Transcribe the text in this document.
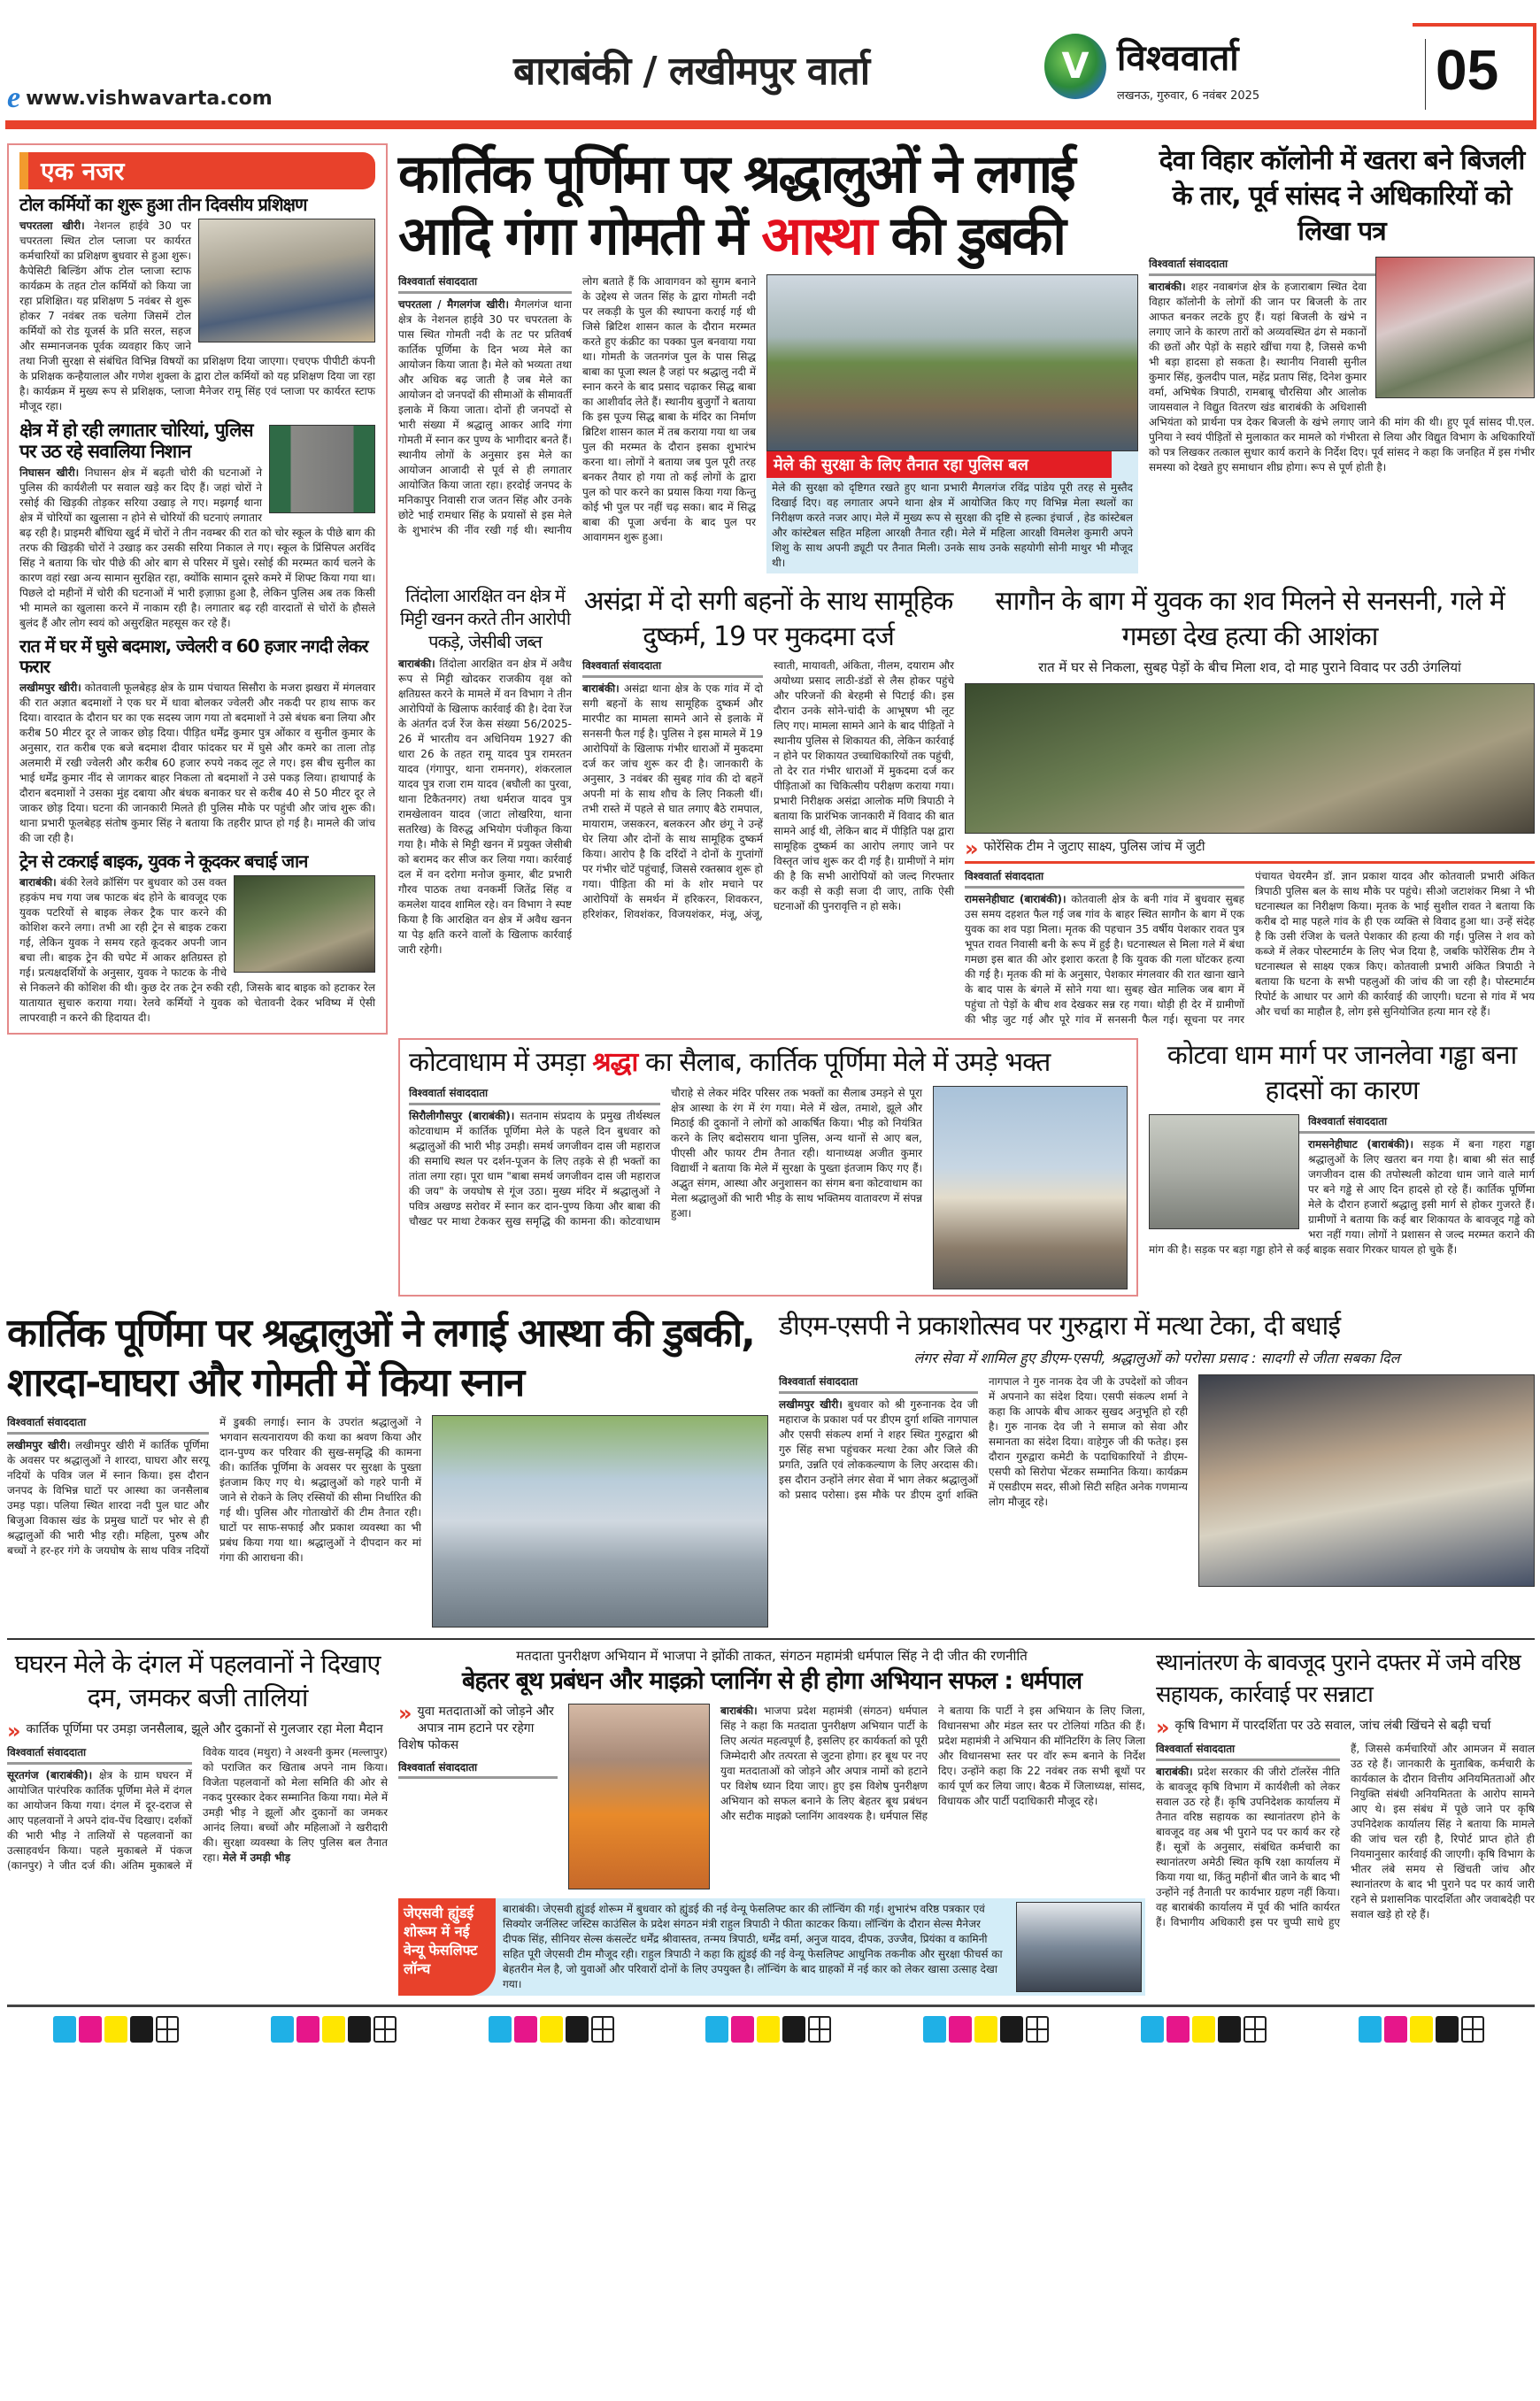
e www.vishwavarta.com
बाराबंकी / लखीमपुर वार्ता	V विश्ववार्ता
लखनऊ, गुरुवार, 6 नवंबर 2025	05
एक नजर
टोल कर्मियों का शुरू हुआ तीन दिवसीय प्रशिक्षण
चपरतला खीरी। नेशनल हाईवे 30 पर चपरतला स्थित टोल प्लाजा पर कार्यरत कर्मचारियों का प्रशिक्षण बुधवार से हुआ शुरू। कैपेसिटी बिल्डिंग ऑफ टोल प्लाजा स्टाफ कार्यक्रम के तहत टोल कर्मियों को किया जा रहा प्रशिक्षित। यह प्रशिक्षण 5 नवंबर से शुरू होकर 7 नवंबर तक चलेगा जिसमें टोल कर्मियों को रोड यूजर्स के प्रति सरल, सहज और सम्मानजनक पूर्वक व्यवहार किए जाने तथा निजी सुरक्षा से संबंधित विभिन्न विषयों का प्रशिक्षण दिया जाएगा। एचएफ पीपीटी कंपनी के प्रशिक्षक कन्हैयालाल और गणेश शुक्ला के द्वारा टोल कर्मियों को यह प्रशिक्षण दिया जा रहा है। कार्यक्रम में मुख्य रूप से प्रशिक्षक, प्लाजा मैनेजर रामू सिंह एवं प्लाजा पर कार्यरत स्टाफ मौजूद रहा।
क्षेत्र में हो रही लगातार चोरियां, पुलिस पर उठ रहे सवालिया निशान
निघासन खीरी। निघासन क्षेत्र में बढ़ती चोरी की घटनाओं ने पुलिस की कार्यशैली पर सवाल खड़े कर दिए हैं। जहां चोरों ने रसोई की खिड़की तोड़कर सरिया उखाड़ ले गए। मझगईं थाना क्षेत्र में चोरियों का खुलासा न होने से चोरियों की घटनाएं लगातार बढ़ रही है। प्राइमरी बौंधिया खुर्द में चोरों ने तीन नवम्बर की रात को चोर स्कूल के पीछे बाग की तरफ की खिड़की चोरों ने उखाड़ कर उसकी सरिया निकाल ले गए। स्कूल के प्रिंसिपल अरविंद सिंह ने बताया कि चोर पीछे की ओर बाग से परिसर में घुसे। रसोई की मरम्मत कार्य चलने के कारण वहां रखा अन्य सामान सुरक्षित रहा, क्योंकि सामान दूसरे कमरे में शिफ्ट किया गया था। पिछले दो महीनों में चोरी की घटनाओं में भारी इज़ाफ़ा हुआ है, लेकिन पुलिस अब तक किसी भी मामले का खुलासा करने में नाकाम रही है। लगातार बढ़ रही वारदातों से चोरों के हौसले बुलंद हैं और लोग स्वयं को असुरक्षित महसूस कर रहे हैं।
रात में घर में घुसे बदमाश, ज्वेलरी व 60 हजार नगदी लेकर फरार
लखीमपुर खीरी। कोतवाली फूलबेहड़ क्षेत्र के ग्राम पंचायत सिसौरा के मजरा झखरा में मंगलवार की रात अज्ञात बदमाशों ने एक घर में धावा बोलकर ज्वेलरी और नकदी पर हाथ साफ कर दिया। वारदात के दौरान घर का एक सदस्य जाग गया तो बदमाशों ने उसे बंधक बना लिया और करीब 50 मीटर दूर ले जाकर छोड़ दिया। पीड़ित धर्मेंद्र कुमार पुत्र ओंकार व सुनील कुमार के अनुसार, रात करीब एक बजे बदमाश दीवार फांदकर घर में घुसे और कमरे का ताला तोड़ अलमारी में रखी ज्वेलरी और करीब 60 हजार रुपये नकद लूट ले गए। इस बीच सुनील का भाई धर्मेंद्र कुमार नींद से जागकर बाहर निकला तो बदमाशों ने उसे पकड़ लिया। हाथापाई के दौरान बदमाशों ने उसका मुंह दबाया और बंधक बनाकर घर से करीब 40 से 50 मीटर दूर ले जाकर छोड़ दिया। घटना की जानकारी मिलते ही पुलिस मौके पर पहुंची और जांच शुरू की। थाना प्रभारी फूलबेहड़ संतोष कुमार सिंह ने बताया कि तहरीर प्राप्त हो गई है। मामले की जांच की जा रही है।
ट्रेन से टकराई बाइक, युवक ने कूदकर बचाई जान
बाराबंकी। बंकी रेलवे क्रॉसिंग पर बुधवार को उस वक्त हड़कंप मच गया जब फाटक बंद होने के बावजूद एक युवक पटरियों से बाइक लेकर ट्रैक पार करने की कोशिश करने लगा। तभी आ रही ट्रेन से बाइक टकरा गई, लेकिन युवक ने समय रहते कूदकर अपनी जान बचा ली। बाइक ट्रेन की चपेट में आकर क्षतिग्रस्त हो गई। प्रत्यक्षदर्शियों के अनुसार, युवक ने फाटक के नीचे से निकलने की कोशिश की थी। कुछ देर तक ट्रेन रुकी रही, जिसके बाद बाइक को हटाकर रेल यातायात सुचारु कराया गया। रेलवे कर्मियों ने युवक को चेतावनी देकर भविष्य में ऐसी लापरवाही न करने की हिदायत दी।
कार्तिक पूर्णिमा पर श्रद्धालुओं ने लगाई आदि गंगा गोमती में आस्था की डुबकी
विश्ववार्ता संवाददाता
चपरतला / मैगलगंज खीरी। मैगलगंज थाना क्षेत्र के नेशनल हाईवे 30 पर चपरतला के पास स्थित गोमती नदी के तट पर प्रतिवर्ष कार्तिक पूर्णिमा के दिन भव्य मेले का आयोजन किया जाता है। मेले को भव्यता तथा और अधिक बढ़ जाती है जब मेले का आयोजन दो जनपदों की सीमाओं के सीमावर्ती इलाके में किया जाता। दोनों ही जनपदों से भारी संख्या में श्रद्धालु आकर आदि गंगा गोमती में स्नान कर पुण्य के भागीदार बनते हैं। स्थानीय लोगों के अनुसार इस मेले का आयोजन आजादी से पूर्व से ही लगातार आयोजित किया जाता रहा। हरदोई जनपद के मनिकापुर निवासी राज जतन सिंह और उनके छोटे भाई रामधार सिंह के प्रयासों से इस मेले के शुभारंभ की नींव रखी गई थी। स्थानीय लोग बताते हैं कि आवागवन को सुगम बनाने के उद्देश्य से जतन सिंह के द्वारा गोमती नदी पर लकड़ी के पुल की स्थापना कराई गई थी जिसे ब्रिटिश शासन काल के दौरान मरम्मत करते हुए कंक्रीट का पक्का पुल बनवाया गया था। गोमती के जतनगंज पुल के पास सिद्ध बाबा का पूजा स्थल है जहां पर श्रद्धालु नदी में स्नान करने के बाद प्रसाद चढ़ाकर सिद्ध बाबा का आशीर्वाद लेते हैं। स्थानीय बुजुर्गों ने बताया कि इस पूज्य सिद्ध बाबा के मंदिर का निर्माण ब्रिटिश शासन काल में तब कराया गया था जब पुल की मरम्मत के दौरान इसका शुभारंभ करना था। लोगों ने बताया जब पुल पूरी तरह बनकर तैयार हो गया तो कई लोगों के द्वारा पुल को पार करने का प्रयास किया गया किन्तु कोई भी पुल पर नहीं चढ़ सका। बाद में सिद्ध बाबा की पूजा अर्चना के बाद पुल पर आवागमन शुरू हुआ।
मेले की सुरक्षा के लिए तैनात रहा पुलिस बल
मेले की सुरक्षा को दृष्टिगत रखते हुए थाना प्रभारी मैगलगंज रविंद्र पांडेय पूरी तरह से मुस्तैद दिखाई दिए। वह लगातार अपने थाना क्षेत्र में आयोजित किए गए विभिन्न मेला स्थलों का निरीक्षण करते नजर आए। मेले में मुख्य रूप से सुरक्षा की दृष्टि से हल्का इंचार्ज , हेड कांस्टेबल और कांस्टेबल सहित महिला आरक्षी तैनात रही। मेले में महिला आरक्षी विमलेश कुमारी अपने शिशु के साथ अपनी ड्यूटी पर तैनात मिली। उनके साथ उनके सहयोगी सोनी माथुर भी मौजूद थी।
देवा विहार कॉलोनी में खतरा बने बिजली के तार, पूर्व सांसद ने अधिकारियों को लिखा पत्र
विश्ववार्ता संवाददाता
बाराबंकी। शहर नवाबगंज क्षेत्र के हजाराबाग स्थित देवा विहार कॉलोनी के लोगों की जान पर बिजली के तार आफत बनकर लटके हुए हैं। यहां बिजली के खंभे न लगाए जाने के कारण तारों को अव्यवस्थित ढंग से मकानों की छतों और पेड़ों के सहारे खींचा गया है, जिससे कभी भी बड़ा हादसा हो सकता है। स्थानीय निवासी सुनील कुमार सिंह, कुलदीप पाल, महेंद्र प्रताप सिंह, दिनेश कुमार वर्मा, अभिषेक त्रिपाठी, रामबाबू चौरसिया और आलोक जायसवाल ने विद्युत वितरण खंड बाराबंकी के अधिशासी अभियंता को प्रार्थना पत्र देकर बिजली के खंभे लगाए जाने की मांग की थी। हुए पूर्व सांसद पी.एल. पुनिया ने स्वयं पीड़ितों से मुलाकात कर मामले को गंभीरता से लिया और विद्युत विभाग के अधिकारियों को पत्र लिखकर तत्काल सुधार कार्य कराने के निर्देश दिए। पूर्व सांसद ने कहा कि जनहित में इस गंभीर समस्या को देखते हुए समाधान शीघ्र होगा। रूप से पूर्ण होती है।
तिंदोला आरक्षित वन क्षेत्र में मिट्टी खनन करते तीन आरोपी पकड़े, जेसीबी जब्त
बाराबंकी। तिंदोला आरक्षित वन क्षेत्र में अवैध रूप से मिट्टी खोदकर राजकीय वृक्ष को क्षतिग्रस्त करने के मामले में वन विभाग ने तीन आरोपियों के खिलाफ कार्रवाई की है। देवा रेंज के अंतर्गत दर्ज रेंज केस संख्या 56/2025-26 में भारतीय वन अधिनियम 1927 की धारा 26 के तहत रामू यादव पुत्र रामरतन यादव (गंगापुर, थाना रामनगर), शंकरलाल यादव पुत्र राजा राम यादव (बघौली का पुरवा, थाना टिकैतनगर) तथा धर्मराज यादव पुत्र रामखेलावन यादव (जाटा लोखरिया, थाना सतरिख) के विरुद्ध अभियोग पंजीकृत किया गया है। मौके से मिट्टी खनन में प्रयुक्त जेसीबी को बरामद कर सीज कर लिया गया। कार्रवाई दल में वन दरोगा मनोज कुमार, बीट प्रभारी गौरव पाठक तथा वनकर्मी जितेंद्र सिंह व कमलेश यादव शामिल रहे। वन विभाग ने स्पष्ट किया है कि आरक्षित वन क्षेत्र में अवैध खनन या पेड़ क्षति करने वालों के खिलाफ कार्रवाई जारी रहेगी।
असंद्रा में दो सगी बहनों के साथ सामूहिक दुष्कर्म, 19 पर मुकदमा दर्ज
विश्ववार्ता संवाददाता
बाराबंकी। असंद्रा थाना क्षेत्र के एक गांव में दो सगी बहनों के साथ सामूहिक दुष्कर्म और मारपीट का मामला सामने आने से इलाके में सनसनी फैल गई है। पुलिस ने इस मामले में 19 आरोपियों के खिलाफ गंभीर धाराओं में मुकदमा दर्ज कर जांच शुरू कर दी है। जानकारी के अनुसार, 3 नवंबर की सुबह गांव की दो बहनें अपनी मां के साथ शौच के लिए निकली थीं। तभी रास्ते में पहले से घात लगाए बैठे रामपाल, मायाराम, जसकरन, बलकरन और छंगू ने उन्हें घेर लिया और दोनों के साथ सामूहिक दुष्कर्म किया। आरोप है कि दरिंदों ने दोनों के गुप्तांगों पर गंभीर चोटें पहुंचाईं, जिससे रक्तस्राव शुरू हो गया। पीड़िता की मां के शोर मचाने पर आरोपियों के समर्थन में हरिकरन, शिवकरन, हरिशंकर, शिवशंकर, विजयशंकर, मंजू, अंजू, स्वाती, मायावती, अंकिता, नीलम, दयाराम और अयोध्या प्रसाद लाठी-डंडों से लैस होकर पहुंचे और परिजनों की बेरहमी से पिटाई की। इस दौरान उनके सोने-चांदी के आभूषण भी लूट लिए गए। मामला सामने आने के बाद पीड़ितों ने स्थानीय पुलिस से शिकायत की, लेकिन कार्रवाई न होने पर शिकायत उच्चाधिकारियों तक पहुंची, तो देर रात गंभीर धाराओं में मुकदमा दर्ज कर पीड़िताओं का चिकित्सीय परीक्षण कराया गया। प्रभारी निरीक्षक असंद्रा आलोक मणि त्रिपाठी ने बताया कि प्रारंभिक जानकारी में विवाद की बात सामने आई थी, लेकिन बाद में पीड़िति पक्ष द्वारा सामूहिक दुष्कर्म का आरोप लगाए जाने पर विस्तृत जांच शुरू कर दी गई है। ग्रामीणों ने मांग की है कि सभी आरोपियों को जल्द गिरफ्तार कर कड़ी से कड़ी सजा दी जाए, ताकि ऐसी घटनाओं की पुनरावृत्ति न हो सके।
सागौन के बाग में युवक का शव मिलने से सनसनी, गले में गमछा देख हत्या की आशंका
रात में घर से निकला, सुबह पेड़ों के बीच मिला शव, दो माह पुराने विवाद पर उठी उंगलियां
» फोरेंसिक टीम ने जुटाए साक्ष्य, पुलिस जांच में जुटी
विश्ववार्ता संवाददाता
रामसनेहीघाट (बाराबंकी)। कोतवाली क्षेत्र के बनी गांव में बुधवार सुबह उस समय दहशत फैल गई जब गांव के बाहर स्थित सागौन के बाग में एक युवक का शव पड़ा मिला। मृतक की पहचान 35 वर्षीय पेशकार रावत पुत्र भूपत रावत निवासी बनी के रूप में हुई है। घटनास्थल से मिला गले में बंधा गमछा इस बात की ओर इशारा करता है कि युवक की गला घोंटकर हत्या की गई है। मृतक की मां के अनुसार, पेशकार मंगलवार की रात खाना खाने के बाद पास के बंगले में सोने गया था। सुबह खेत मालिक जब बाग में पहुंचा तो पेड़ों के बीच शव देखकर सन्न रह गया। थोड़ी ही देर में ग्रामीणों की भीड़ जुट गई और पूरे गांव में सनसनी फैल गई। सूचना पर नगर पंचायत चेयरमैन डॉ. ज्ञान प्रकाश यादव और कोतवाली प्रभारी अंकित त्रिपाठी पुलिस बल के साथ मौके पर पहुंचे। सीओ जटाशंकर मिश्रा ने भी घटनास्थल का निरीक्षण किया। मृतक के भाई सुशील रावत ने बताया कि करीब दो माह पहले गांव के ही एक व्यक्ति से विवाद हुआ था। उन्हें संदेह है कि उसी रंजिश के चलते पेशकार की हत्या की गई। पुलिस ने शव को कब्जे में लेकर पोस्टमार्टम के लिए भेज दिया है, जबकि फोरेंसिक टीम ने घटनास्थल से साक्ष्य एकत्र किए। कोतवाली प्रभारी अंकित त्रिपाठी ने बताया कि घटना के सभी पहलुओं की जांच की जा रही है। पोस्टमार्टम रिपोर्ट के आधार पर आगे की कार्रवाई की जाएगी। घटना से गांव में भय और चर्चा का माहौल है, लोग इसे सुनियोजित हत्या मान रहे हैं।
कोटवाधाम में उमड़ा श्रद्धा का सैलाब, कार्तिक पूर्णिमा मेले में उमड़े भक्त
विश्ववार्ता संवाददाता
सिरौलीगौसपुर (बाराबंकी)। सतनाम संप्रदाय के प्रमुख तीर्थस्थल कोटवाधाम में कार्तिक पूर्णिमा मेले के पहले दिन बुधवार को श्रद्धालुओं की भारी भीड़ उमड़ी। समर्थ जगजीवन दास जी महाराज की समाधि स्थल पर दर्शन-पूजन के लिए तड़के से ही भक्तों का तांता लगा रहा। पूरा धाम "बाबा समर्थ जगजीवन दास जी महाराज की जय" के जयघोष से गूंज उठा। मुख्य मंदिर में श्रद्धालुओं ने पवित्र अखण्ड सरोवर में स्नान कर दान-पुण्य किया और बाबा की चौखट पर माथा टेककर सुख समृद्धि की कामना की। कोटवाधाम चौराहे से लेकर मंदिर परिसर तक भक्तों का सैलाब उमड़ने से पूरा क्षेत्र आस्था के रंग में रंग गया। मेले में खेल, तमाशे, झूले और मिठाई की दुकानों ने लोगों को आकर्षित किया। भीड़ को नियंत्रित करने के लिए बदोसराय थाना पुलिस, अन्य थानों से आए बल, पीएसी और फायर टीम तैनात रही। थानाध्यक्ष अजीत कुमार विद्यार्थी ने बताया कि मेले में सुरक्षा के पुख्ता इंतजाम किए गए हैं। अद्भुत संगम, आस्था और अनुशासन का संगम बना कोटवाधाम का मेला श्रद्धालुओं की भारी भीड़ के साथ भक्तिमय वातावरण में संपन्न हुआ।
कोटवा धाम मार्ग पर जानलेवा गड्ढा बना हादसों का कारण
विश्ववार्ता संवाददाता
रामसनेहीघाट (बाराबंकी)। सड़क में बना गहरा गड्ढा श्रद्धालुओं के लिए खतरा बन गया है। बाबा श्री संत साईं जगजीवन दास की तपोस्थली कोटवा धाम जाने वाले मार्ग पर बने गड्ढे से आए दिन हादसे हो रहे हैं। कार्तिक पूर्णिमा मेले के दौरान हजारों श्रद्धालु इसी मार्ग से होकर गुजरते हैं। ग्रामीणों ने बताया कि कई बार शिकायत के बावजूद गड्ढे को भरा नहीं गया। लोगों ने प्रशासन से जल्द मरम्मत कराने की मांग की है। सड़क पर बड़ा गड्ढा होने से कई बाइक सवार गिरकर घायल हो चुके हैं।
कार्तिक पूर्णिमा पर श्रद्धालुओं ने लगाई आस्था की डुबकी, शारदा-घाघरा और गोमती में किया स्नान
विश्ववार्ता संवाददाता
लखीमपुर खीरी। लखीमपुर खीरी में कार्तिक पूर्णिमा के अवसर पर श्रद्धालुओं ने शारदा, घाघरा और सरयू नदियों के पवित्र जल में स्नान किया। इस दौरान जनपद के विभिन्न घाटों पर आस्था का जनसैलाब उमड़ पड़ा। पलिया स्थित शारदा नदी पुल घाट और बिजुआ विकास खंड के प्रमुख घाटों पर भोर से ही श्रद्धालुओं की भारी भीड़ रही। महिला, पुरुष और बच्चों ने हर-हर गंगे के जयघोष के साथ पवित्र नदियों में डुबकी लगाई। स्नान के उपरांत श्रद्धालुओं ने भगवान सत्यनारायण की कथा का श्रवण किया और दान-पुण्य कर परिवार की सुख-समृद्धि की कामना की। कार्तिक पूर्णिमा के अवसर पर सुरक्षा के पुख्ता इंतजाम किए गए थे। श्रद्धालुओं को गहरे पानी में जाने से रोकने के लिए रस्सियों की सीमा निर्धारित की गई थी। पुलिस और गोताखोरों की टीम तैनात रही। घाटों पर साफ-सफाई और प्रकाश व्यवस्था का भी प्रबंध किया गया था। श्रद्धालुओं ने दीपदान कर मां गंगा की आराधना की।
डीएम-एसपी ने प्रकाशोत्सव पर गुरुद्वारा में मत्था टेका, दी बधाई
लंगर सेवा में शामिल हुए डीएम-एसपी, श्रद्धालुओं को परोसा प्रसाद : सादगी से जीता सबका दिल
विश्ववार्ता संवाददाता
लखीमपुर खीरी। बुधवार को श्री गुरुनानक देव जी महाराज के प्रकाश पर्व पर डीएम दुर्गा शक्ति नागपाल और एसपी संकल्प शर्मा ने शहर स्थित गुरुद्वारा श्री गुरु सिंह सभा पहुंचकर मत्था टेका और जिले की प्रगति, उन्नति एवं लोककल्याण के लिए अरदास की। इस दौरान उन्होंने लंगर सेवा में भाग लेकर श्रद्धालुओं को प्रसाद परोसा। इस मौके पर डीएम दुर्गा शक्ति नागपाल ने गुरु नानक देव जी के उपदेशों को जीवन में अपनाने का संदेश दिया। एसपी संकल्प शर्मा ने कहा कि आपके बीच आकर सुखद अनुभूति हो रही है। गुरु नानक देव जी ने समाज को सेवा और समानता का संदेश दिया। वाहेगुरु जी की फतेह। इस दौरान गुरुद्वारा कमेटी के पदाधिकारियों ने डीएम-एसपी को सिरोपा भेंटकर सम्मानित किया। कार्यक्रम में एसडीएम सदर, सीओ सिटी सहित अनेक गणमान्य लोग मौजूद रहे।
घघरन मेले के दंगल में पहलवानों ने दिखाए दम, जमकर बजी तालियां
» कार्तिक पूर्णिमा पर उमड़ा जनसैलाब, झूले और दुकानों से गुलजार रहा मेला मैदान
विश्ववार्ता संवाददाता
सूरतगंज (बाराबंकी)। क्षेत्र के ग्राम घघरन में आयोजित पारंपरिक कार्तिक पूर्णिमा मेले में दंगल का आयोजन किया गया। दंगल में दूर-दराज से आए पहलवानों ने अपने दांव-पेंच दिखाए। दर्शकों की भारी भीड़ ने तालियों से पहलवानों का उत्साहवर्धन किया। पहले मुकाबले में पंकज (कानपुर) ने जीत दर्ज की। अंतिम मुकाबले में विवेक यादव (मथुरा) ने अश्वनी कुमर (मल्लापुर) को पराजित कर खिताब अपने नाम किया। विजेता पहलवानों को मेला समिति की ओर से नकद पुरस्कार देकर सम्मानित किया गया। मेले में उमड़ी भीड़ ने झूलों और दुकानों का जमकर आनंद लिया। बच्चों और महिलाओं ने खरीदारी की। सुरक्षा व्यवस्था के लिए पुलिस बल तैनात रहा। मेले में उमड़ी भीड़
मतदाता पुनरीक्षण अभियान में भाजपा ने झोंकी ताकत, संगठन महामंत्री धर्मपाल सिंह ने दी जीत की रणनीति
बेहतर बूथ प्रबंधन और माइक्रो प्लानिंग से ही होगा अभियान सफल : धर्मपाल
» युवा मतदाताओं को जोड़ने और अपात्र नाम हटाने पर रहेगा विशेष फोकस
विश्ववार्ता संवाददाता
बाराबंकी। भाजपा प्रदेश महामंत्री (संगठन) धर्मपाल सिंह ने कहा कि मतदाता पुनरीक्षण अभियान पार्टी के लिए अत्यंत महत्वपूर्ण है, इसलिए हर कार्यकर्ता को पूरी जिम्मेदारी और तत्परता से जुटना होगा। हर बूथ पर नए युवा मतदाताओं को जोड़ने और अपात्र नामों को हटाने पर विशेष ध्यान दिया जाए। हुए इस विशेष पुनरीक्षण अभियान को सफल बनाने के लिए बेहतर बूथ प्रबंधन और सटीक माइक्रो प्लानिंग आवश्यक है। धर्मपाल सिंह ने बताया कि पार्टी ने इस अभियान के लिए जिला, विधानसभा और मंडल स्तर पर टोलियां गठित की हैं। प्रदेश महामंत्री ने अभियान की मॉनिटरिंग के लिए जिला और विधानसभा स्तर पर वॉर रूम बनाने के निर्देश दिए। उन्होंने कहा कि 22 नवंबर तक सभी बूथों पर कार्य पूर्ण कर लिया जाए। बैठक में जिलाध्यक्ष, सांसद, विधायक और पार्टी पदाधिकारी मौजूद रहे।
जेएसवी ह्युंडई शोरूम में नई वेन्यू फेसलिफ्ट लॉन्च
बाराबंकी। जेएसवी ह्युंडई शोरूम में बुधवार को ह्युंडई की नई वेन्यू फेसलिफ्ट कार की लॉन्चिंग की गई। शुभारंभ वरिष्ठ पत्रकार एवं सिक्योर जर्नलिस्ट जस्टिस काउंसिल के प्रदेश संगठन मंत्री राहुल त्रिपाठी ने फीता काटकर किया। लॉन्चिंग के दौरान सेल्स मैनेजर दीपक सिंह, सीनियर सेल्स कंसल्टेंट धर्मेंद्र श्रीवास्तव, तन्मय त्रिपाठी, धर्मेंद्र वर्मा, अनुज यादव, दीपक, उज्जैव, प्रियंका व कामिनी सहित पूरी जेएसवी टीम मौजूद रही। राहुल त्रिपाठी ने कहा कि ह्युंडई की नई वेन्यू फेसलिफ्ट आधुनिक तकनीक और सुरक्षा फीचर्स का बेहतरीन मेल है, जो युवाओं और परिवारों दोनों के लिए उपयुक्त है। लॉन्चिंग के बाद ग्राहकों में नई कार को लेकर खासा उत्साह देखा गया।
स्थानांतरण के बावजूद पुराने दफ्तर में जमे वरिष्ठ सहायक, कार्रवाई पर सन्नाटा
» कृषि विभाग में पारदर्शिता पर उठे सवाल, जांच लंबी खिंचने से बढ़ी चर्चा
विश्ववार्ता संवाददाता
बाराबंकी। प्रदेश सरकार की जीरो टॉलरेंस नीति के बावजूद कृषि विभाग में कार्यशैली को लेकर सवाल उठ रहे हैं। कृषि उपनिदेशक कार्यालय में तैनात वरिष्ठ सहायक का स्थानांतरण होने के बावजूद वह अब भी पुराने पद पर कार्य कर रहे हैं। सूत्रों के अनुसार, संबंधित कर्मचारी का स्थानांतरण अमेठी स्थित कृषि रक्षा कार्यालय में किया गया था, किंतु महीनों बीत जाने के बाद भी उन्होंने नई तैनाती पर कार्यभार ग्रहण नहीं किया। वह बाराबंकी कार्यालय में पूर्व की भांति कार्यरत हैं। विभागीय अधिकारी इस पर चुप्पी साधे हुए हैं, जिससे कर्मचारियों और आमजन में सवाल उठ रहे हैं। जानकारी के मुताबिक, कर्मचारी के कार्यकाल के दौरान वित्तीय अनियमितताओं और नियुक्ति संबंधी अनियमितता के आरोप सामने आए थे। इस संबंध में पूछे जाने पर कृषि उपनिदेशक कार्यालय सिंह ने बताया कि मामले की जांच चल रही है, रिपोर्ट प्राप्त होते ही नियमानुसार कार्रवाई की जाएगी। कृषि विभाग के भीतर लंबे समय से खिंचती जांच और स्थानांतरण के बाद भी पुराने पद पर कार्य जारी रहने से प्रशासनिक पारदर्शिता और जवाबदेही पर सवाल खड़े हो रहे हैं।
